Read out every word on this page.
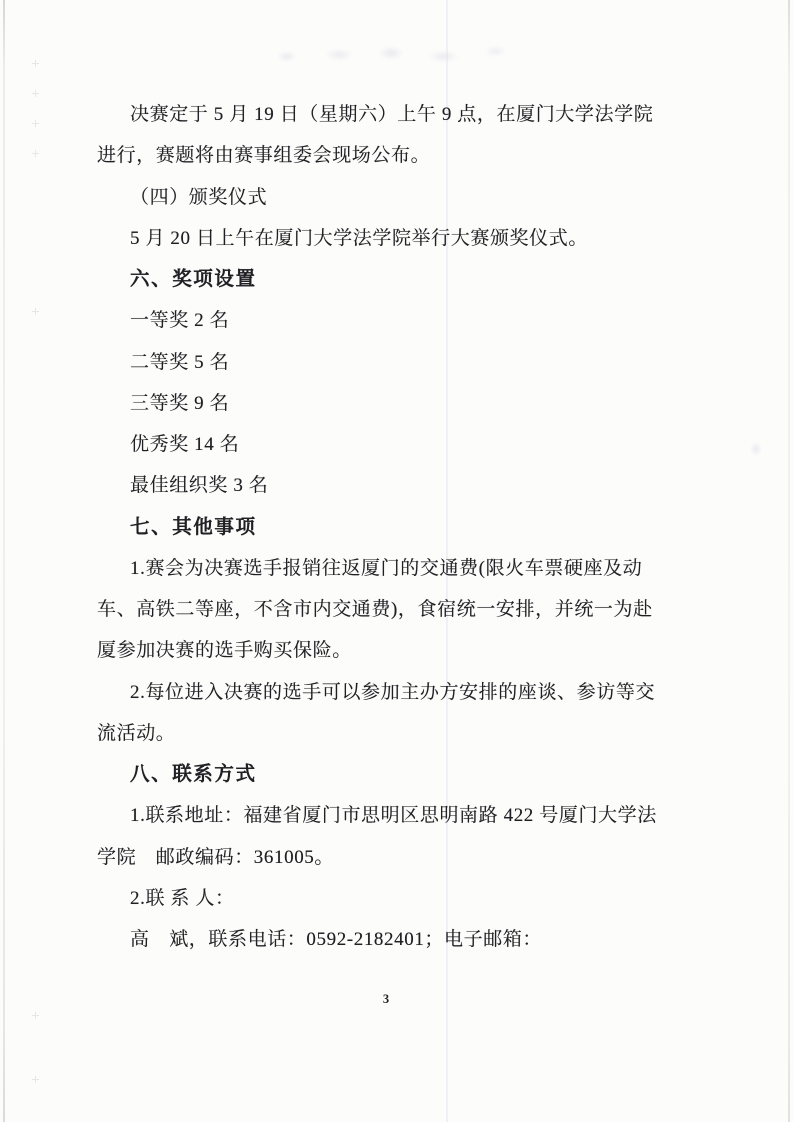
决赛定于 5 月 19 日（星期六）上午 9 点，在厦门大学法学院
进行，赛题将由赛事组委会现场公布。
（四）颁奖仪式
5 月 20 日上午在厦门大学法学院举行大赛颁奖仪式。
六、奖项设置
一等奖 2 名
二等奖 5 名
三等奖 9 名
优秀奖 14 名
最佳组织奖 3 名
七、其他事项
1.赛会为决赛选手报销往返厦门的交通费(限火车票硬座及动
车、高铁二等座，不含市内交通费)，食宿统一安排，并统一为赴
厦参加决赛的选手购买保险。
2.每位进入决赛的选手可以参加主办方安排的座谈、参访等交
流活动。
八、联系方式
1.联系地址：福建省厦门市思明区思明南路 422 号厦门大学法
学院　邮政编码：361005。
2.联 系 人：
高　斌，联系电话：0592-2182401；电子邮箱：
3
